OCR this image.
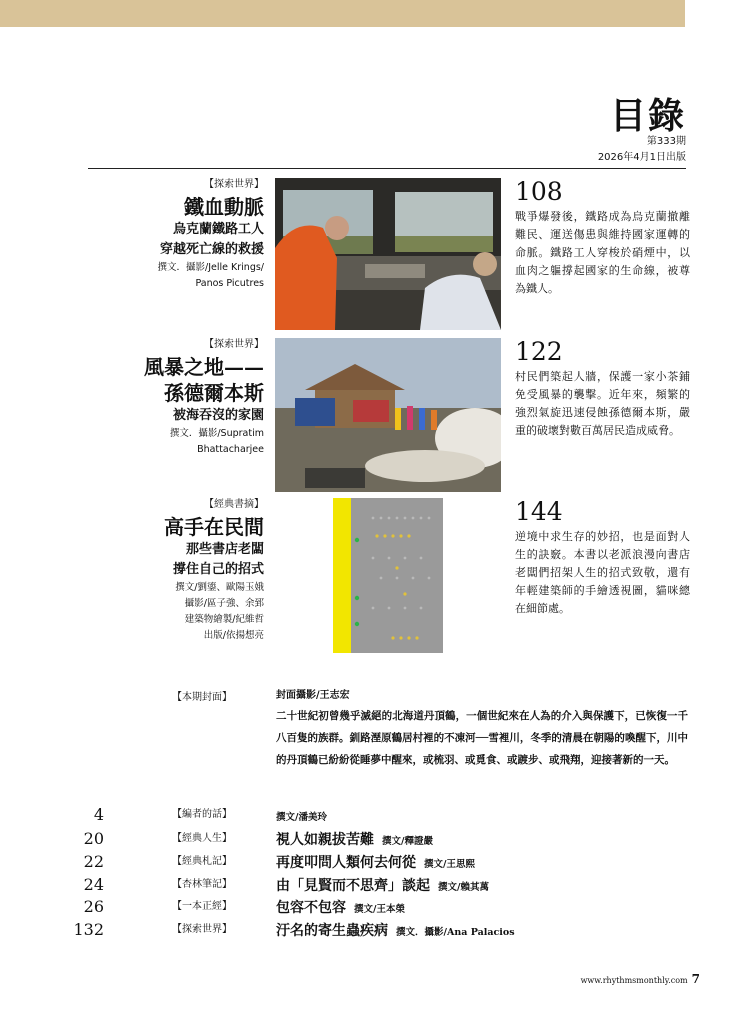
目錄
第333期
2026年4月1日出版
【探索世界】
鐵血動脈
烏克蘭鐵路工人
穿越死亡線的救援
撰文．攝影/Jelle Krings/
Panos Picutres
108
戰爭爆發後，鐵路成為烏克蘭撤離難民、運送傷患與維持國家運轉的命脈。鐵路工人穿梭於硝煙中，以血肉之軀撐起國家的生命線，被尊為鐵人。
【探索世界】
風暴之地——
孫德爾本斯
被海吞沒的家園
撰文．攝影/Supratim
Bhattacharjee
122
村民們築起人牆，保護一家小茶鋪免受風暴的襲擊。近年來，頻繁的強烈氣旋迅速侵蝕孫德爾本斯，嚴重的破壞對數百萬居民造成威脅。
【經典書摘】
高手在民間
那些書店老闆
撐住自己的招式
撰文/劉鎏、歐陽玉娥
攝影/區子強、余郅
建築物繪製/紀維哲
出版/依揚想亮
144
逆境中求生存的妙招，也是面對人生的訣竅。本書以老派浪漫向書店老闆們招架人生的招式致敬，還有年輕建築師的手繪透視圖，貓咪總在細節處。
【本期封面】	封面攝影/王志宏
二十世紀初曾幾乎滅絕的北海道丹頂鶴，一個世紀來在人為的介入與保護下，已恢復一千八百隻的族群。釧路溼原鶴居村裡的不凍河──雪裡川，冬季的清晨在朝陽的喚醒下，川中的丹頂鶴已紛紛從睡夢中醒來，或梳羽、或覓食、或踱步、或飛翔，迎接著新的一天。
4	【編者的話】	撰文/潘美玲
20	【經典人生】	視人如親拔苦難 撰文/釋證嚴
22	【經典札記】	再度叩問人類何去何從 撰文/王思熙
24	【杏林筆記】	由「見賢而不思齊」談起 撰文/賴其萬
26	【一本正經】	包容不包容 撰文/王本榮
132	【探索世界】	汙名的寄生蟲疾病 撰文．攝影/Ana Palacios
www.rhythmsmonthly.com 7
